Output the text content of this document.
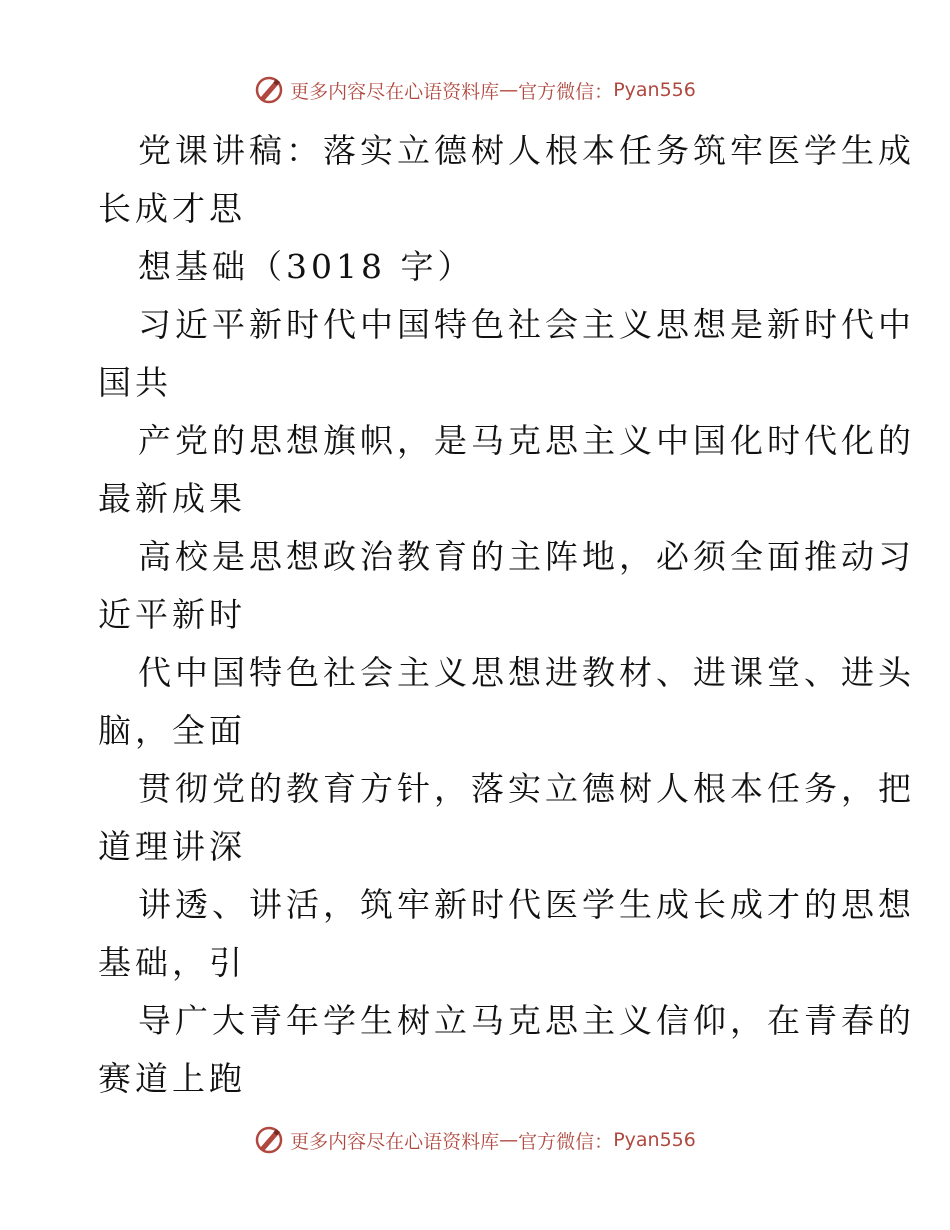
更多内容尽在心语资料库 — 官方微信： Pyan556
党课讲稿：落实立德树人根本任务筑牢医学生成
长成才思
想基础（3018 字）
习近平新时代中国特色社会主义思想是新时代中
国共
产党的思想旗帜，是马克思主义中国化时代化的
最新成果
高校是思想政治教育的主阵地，必须全面推动习
近平新时
代中国特色社会主义思想进教材、进课堂、进头
脑，全面
贯彻党的教育方针，落实立德树人根本任务，把
道理讲深
讲透、讲活，筑牢新时代医学生成长成才的思想
基础，引
导广大青年学生树立马克思主义信仰，在青春的
赛道上跑
更多内容尽在心语资料库 — 官方微信： Pyan556
